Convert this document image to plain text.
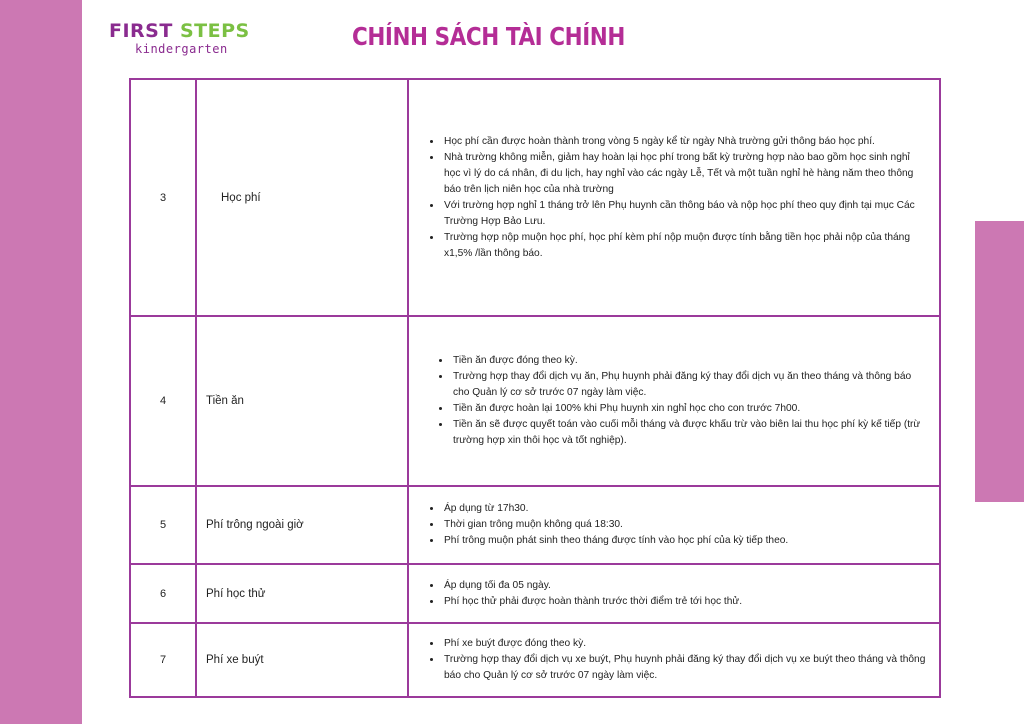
FIRST STEPS
kindergarten	CHÍNH SÁCH TÀI CHÍNH
3	Học phí
• Học phí cần được hoàn thành trong vòng 5 ngày kể từ ngày Nhà trường gửi thông báo học phí.
• Nhà trường không miễn, giảm hay hoàn lại học phí trong bất kỳ trường hợp nào bao gồm học sinh nghỉ học vì lý do cá nhân, đi du lịch, hay nghỉ vào các ngày Lễ, Tết và một tuần nghỉ hè hàng năm theo thông báo trên lịch niên học của nhà trường
• Với trường hợp nghỉ 1 tháng trở lên Phụ huynh cần thông báo và nộp học phí theo quy định tại mục Các Trường Hợp Bảo Lưu.
• Trường hợp nộp muộn học phí, học phí kèm phí nộp muộn được tính bằng tiền học phải nộp của tháng x1,5% /lần thông báo.
4	Tiền ăn
• Tiền ăn được đóng theo kỳ.
• Trường hợp thay đổi dịch vụ ăn, Phụ huynh phải đăng ký thay đổi dịch vụ ăn theo tháng và thông báo cho Quản lý cơ sở trước 07 ngày làm việc.
• Tiền ăn được hoàn lại 100% khi Phụ huynh xin nghỉ học cho con trước 7h00.
• Tiền ăn sẽ được quyết toán vào cuối mỗi tháng và được khấu trừ vào biên lai thu học phí kỳ kế tiếp (trừ trường hợp xin thôi học và tốt nghiệp).
5	Phí trông ngoài giờ
• Áp dụng từ 17h30.
• Thời gian trông muộn không quá 18:30.
• Phí trông muộn phát sinh theo tháng được tính vào học phí của kỳ tiếp theo.
6	Phí học thử
• Áp dụng tối đa 05 ngày.
• Phí học thử phải được hoàn thành trước thời điểm trẻ tới học thử.
7	Phí xe buýt
• Phí xe buýt được đóng theo kỳ.
• Trường hợp thay đổi dịch vụ xe buýt, Phụ huynh phải đăng ký thay đổi dịch vụ xe buýt theo tháng và thông báo cho Quản lý cơ sở trước 07 ngày làm việc.
